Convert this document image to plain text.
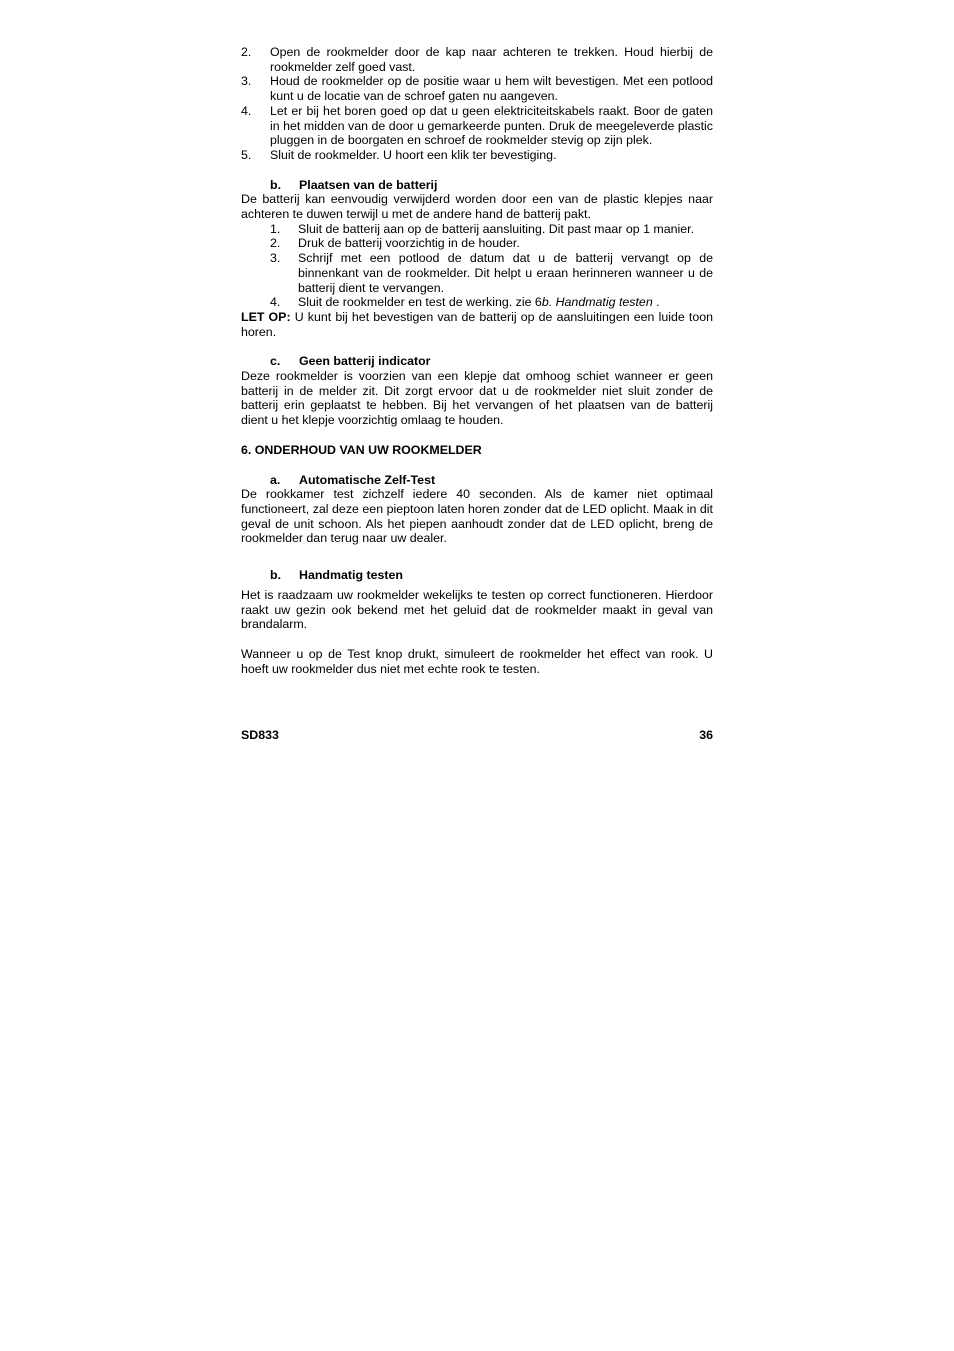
2.	Open de rookmelder door de kap naar achteren te trekken. Houd hierbij de rookmelder zelf goed vast.
3.	Houd de rookmelder op de positie waar u hem wilt bevestigen. Met een potlood kunt u de locatie van de schroef gaten nu aangeven.
4.	Let er bij het boren goed op dat u geen elektriciteitskabels raakt. Boor de gaten in het midden van de door u gemarkeerde punten. Druk de meegeleverde plastic pluggen in de boorgaten en schroef de rookmelder stevig op zijn plek.
5.	Sluit de rookmelder. U hoort een klik ter bevestiging.
b.	Plaatsen van de batterij

De batterij kan eenvoudig verwijderd worden door een van de plastic klepjes naar achteren te duwen terwijl u met de andere hand de batterij pakt.

1.	Sluit de batterij aan op de batterij aansluiting. Dit past maar op 1 manier.
2.	Druk de batterij voorzichtig in de houder.
3.	Schrijf met een potlood de datum dat u de batterij vervangt op de binnenkant van de rookmelder. Dit helpt u eraan herinneren wanneer u de batterij dient te vervangen.
4.	Sluit de rookmelder en test de werking. zie 6b. Handmatig testen .

LET OP: U kunt bij het bevestigen van de batterij op de aansluitingen een luide toon horen.

c.	Geen batterij indicator

Deze rookmelder is voorzien van een klepje dat omhoog schiet wanneer er geen batterij in de melder zit. Dit zorgt ervoor dat u de rookmelder niet sluit zonder de batterij erin geplaatst te hebben. Bij het vervangen of het plaatsen van de batterij dient u het klepje voorzichtig omlaag te houden.

6. ONDERHOUD VAN UW ROOKMELDER
a.	Automatische Zelf-Test

De rookkamer test zichzelf iedere 40 seconden. Als de kamer niet optimaal functioneert, zal deze een pieptoon laten horen zonder dat de LED oplicht. Maak in dit geval de unit schoon. Als het piepen aanhoudt zonder dat de LED oplicht, breng de rookmelder dan terug naar uw dealer.

b.	Handmatig testen

Het is raadzaam uw rookmelder wekelijks te testen op correct functioneren. Hierdoor raakt uw gezin ook bekend met het geluid dat de rookmelder maakt in geval van brandalarm.

Wanneer u op de Test knop drukt, simuleert de rookmelder het effect van rook. U hoeft uw rookmelder dus niet met echte rook te testen.

SD833	36
